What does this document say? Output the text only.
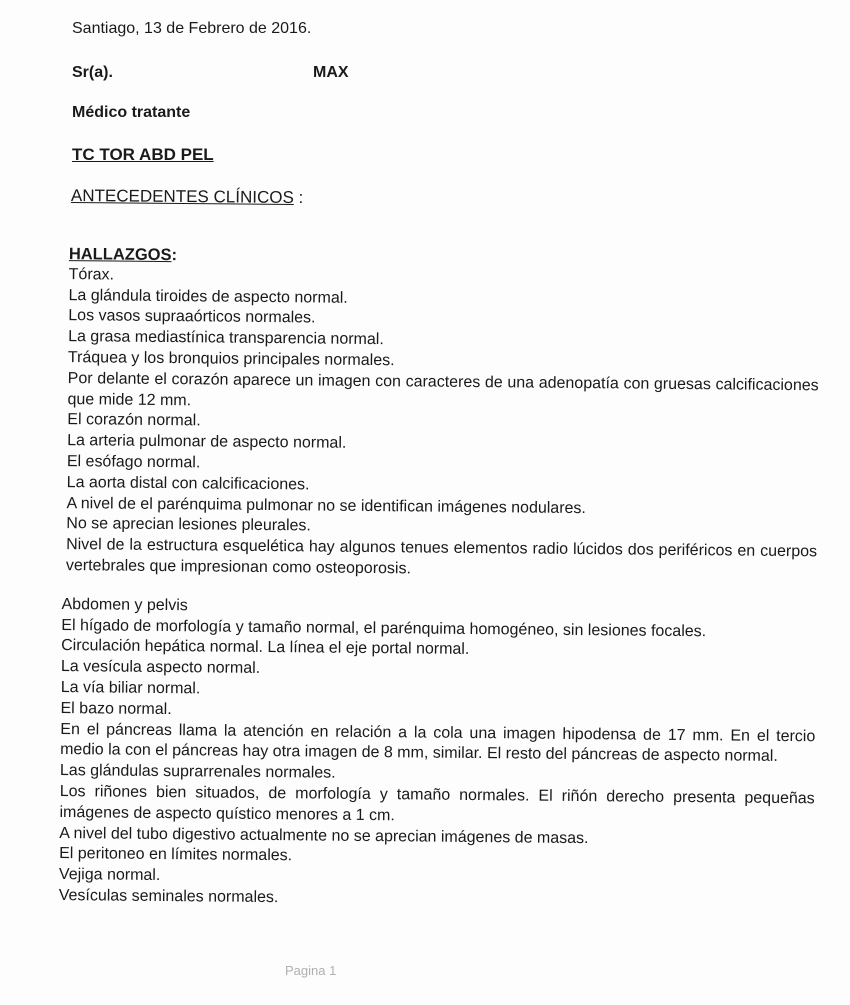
Santiago, 13 de Febrero de 2016.
Sr(a).	MAX
Médico tratante
TC TOR ABD PEL
ANTECEDENTES CLÍNICOS :
HALLAZGOS:
Tórax.
La glándula tiroides de aspecto normal.
Los vasos supraaórticos normales.
La grasa mediastínica transparencia normal.
Tráquea y los bronquios principales normales.
Por delante el corazón aparece un imagen con caracteres de una adenopatía con gruesas calcificaciones que mide 12 mm.
El corazón normal.
La arteria pulmonar de aspecto normal.
El esófago normal.
La aorta distal con calcificaciones.
A nivel de el parénquima pulmonar no se identifican imágenes nodulares.
No se aprecian lesiones pleurales.
Nivel de la estructura esquelética hay algunos tenues elementos radio lúcidos dos periféricos en cuerpos vertebrales que impresionan como osteoporosis.
Abdomen y pelvis
El hígado de morfología y tamaño normal, el parénquima homogéneo, sin lesiones focales.
Circulación hepática normal. La línea el eje portal normal.
La vesícula aspecto normal.
La vía biliar normal.
El bazo normal.
En el páncreas llama la atención en relación a la cola una imagen hipodensa de 17 mm. En el tercio medio la con el páncreas hay otra imagen de 8 mm, similar. El resto del páncreas de aspecto normal.
Las glándulas suprarrenales normales.
Los riñones bien situados, de morfología y tamaño normales. El riñón derecho presenta pequeñas imágenes de aspecto quístico menores a 1 cm.
A nivel del tubo digestivo actualmente no se aprecian imágenes de masas.
El peritoneo en límites normales.
Vejiga normal.
Vesículas seminales normales.
Pagina 1
